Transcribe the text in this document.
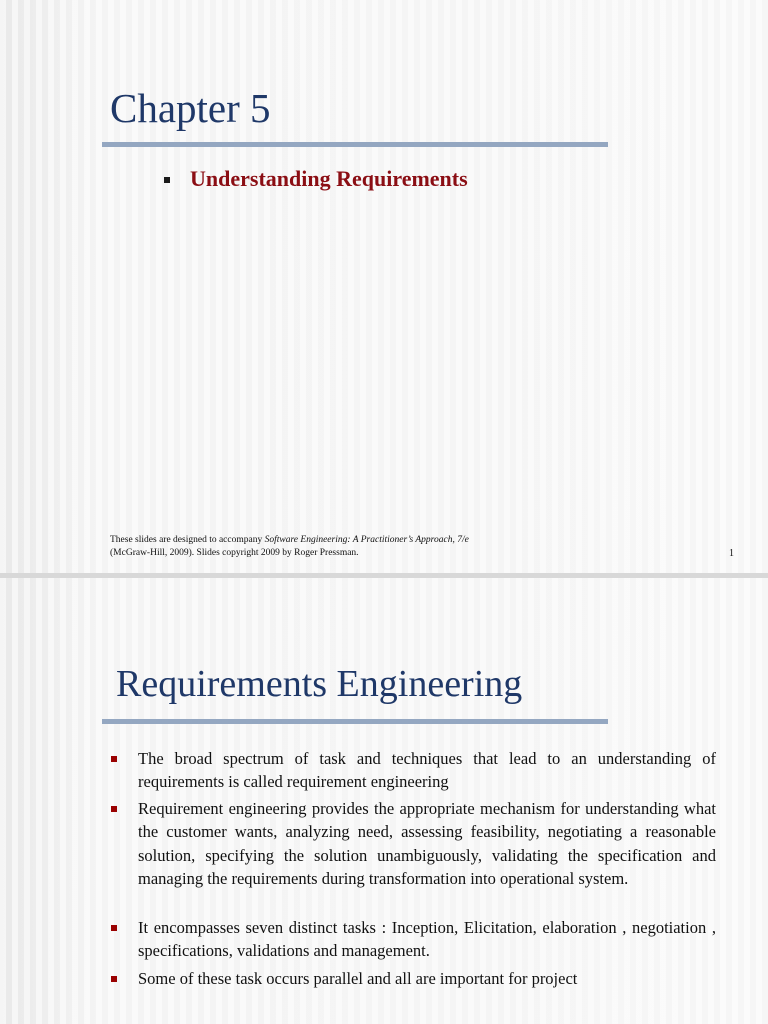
Chapter 5
Understanding Requirements
These slides are designed to accompany Software Engineering: A Practitioner’s Approach, 7/e
(McGraw-Hill, 2009). Slides copyright 2009 by Roger Pressman.	1
Requirements Engineering
The broad spectrum of task and techniques that lead to an understanding of requirements is called requirement engineering
Requirement engineering provides the appropriate mechanism for understanding what the customer wants, analyzing need, assessing feasibility, negotiating a reasonable solution, specifying the solution unambiguously, validating the specification and managing the requirements during transformation into operational system.
It encompasses seven distinct tasks : Inception, Elicitation, elaboration , negotiation , specifications, validations and management.
Some of these task occurs parallel and all are important for project
